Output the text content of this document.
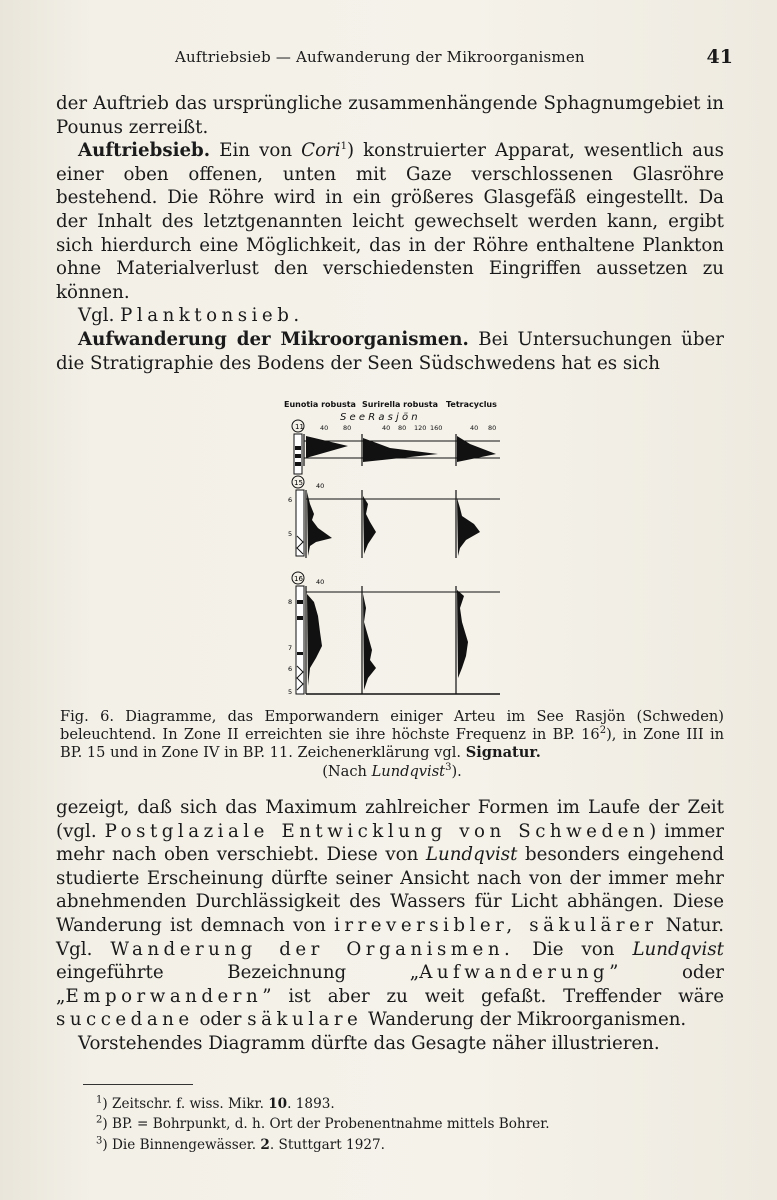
Auftriebsieb — Aufwanderung der Mikroorganismen	41

der Auftrieb das ursprüngliche zusammenhängende Sphagnumgebiet in Pounus zerreißt.

Auftriebsieb. Ein von Cori$^1$) konstruierter Apparat, wesentlich aus einer oben offenen, unten mit Gaze verschlossenen Glasröhre bestehend. Die Röhre wird in ein größeres Glasgefäß eingestellt. Da der Inhalt des letztgenannten leicht gewechselt werden kann, ergibt sich hierdurch eine Möglichkeit, das in der Röhre enthaltene Plankton ohne Materialverlust den verschiedensten Eingriffen aussetzen zu können.

Vgl. Planktonsieb.

Aufwanderung der Mikroorganismen. Bei Untersuchungen über die Stratigraphie des Bodens der Seen Südschwedens hat es sich

Eunotia robusta Surirella robusta Tetracyclus
S e e R a s j ö n
40 80	40 80 120 160	40 80
11
15 40
6
5
16 40
8
7
6
5
Fig. 6. Diagramme, das Emporwandern einiger Arteu im See Rasjön (Schweden) beleuchtend. In Zone II erreichten sie ihre höchste Frequenz in BP. $16^2$), in Zone III in BP. 15 und in Zone IV in BP. 11. Zeichenerklärung vgl. Signatur.
(Nach Lundqvist$^3$).

gezeigt, daß sich das Maximum zahlreicher Formen im Laufe der Zeit (vgl. Postglaziale Entwicklung von Schweden) immer mehr nach oben verschiebt. Diese von Lundqvist besonders eingehend studierte Erscheinung dürfte seiner Ansicht nach von der immer mehr abnehmenden Durchlässigkeit des Wassers für Licht abhängen. Diese Wanderung ist demnach von irreversibler, säkulärer Natur. Vgl. Wanderung der Organismen. Die von Lundqvist eingeführte Bezeichnung „Aufwanderung” oder „Emporwandern” ist aber zu weit gefaßt. Treffender wäre succedane oder säkulare Wanderung der Mikroorganismen.

Vorstehendes Diagramm dürfte das Gesagte näher illustrieren.

$^1$) Zeitschr. f. wiss. Mikr. 10. 1893.
$^2$) BP. = Bohrpunkt, d. h. Ort der Probenentnahme mittels Bohrer.
$^3$) Die Binnengewässer. 2. Stuttgart 1927.
